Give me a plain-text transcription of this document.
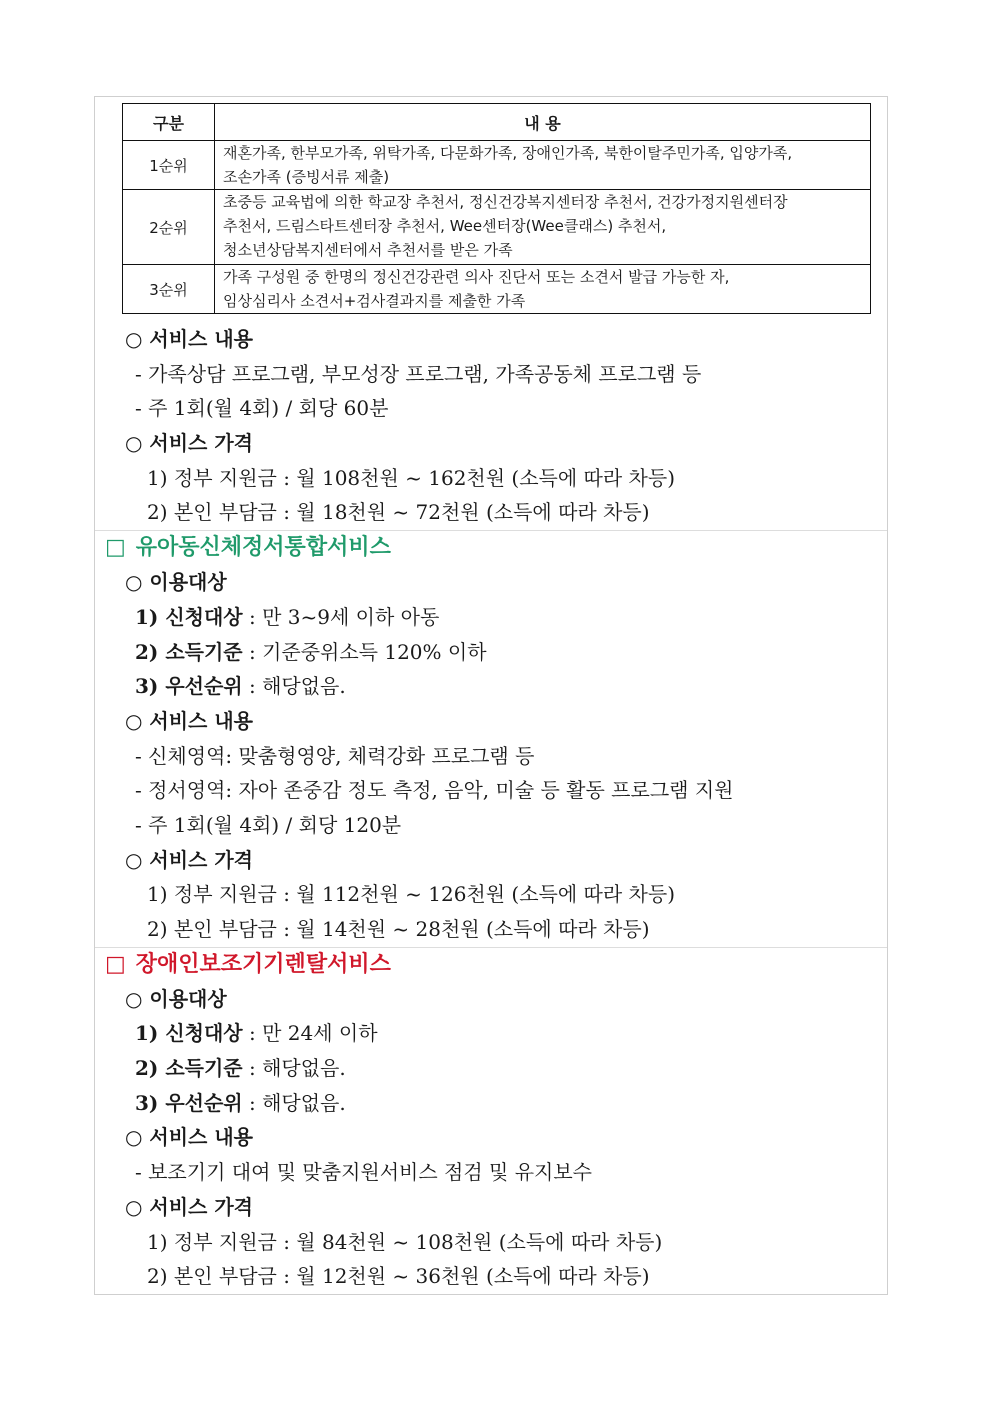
구분	내 용
1순위	재혼가족, 한부모가족, 위탁가족, 다문화가족, 장애인가족, 북한이탈주민가족, 입양가족,
조손가족 (증빙서류 제출)

2순위	초중등 교육법에 의한 학교장 추천서, 정신건강복지센터장 추천서, 건강가정지원센터장
추천서, 드림스타트센터장 추천서, Wee센터장(Wee클래스) 추천서,
청소년상담복지센터에서 추천서를 받은 가족

3순위	가족 구성원 중 한명의 정신건강관련 의사 진단서 또는 소견서 발급 가능한 자,
임상심리사 소견서+검사결과지를 제출한 가족
○ 서비스 내용
- 가족상담 프로그램, 부모성장 프로그램, 가족공동체 프로그램 등
- 주 1회(월 4회) / 회당 60분
○ 서비스 가격
1) 정부 지원금 : 월 108천원 ~ 162천원 (소득에 따라 차등)
2) 본인 부담금 : 월 18천원 ~ 72천원 (소득에 따라 차등)
□ 유아동신체정서통합서비스
○ 이용대상
1) 신청대상 : 만 3~9세 이하 아동
2) 소득기준 : 기준중위소득 120% 이하
3) 우선순위 : 해당없음.
○ 서비스 내용
- 신체영역: 맞춤형영양, 체력강화 프로그램 등
- 정서영역: 자아 존중감 정도 측정, 음악, 미술 등 활동 프로그램 지원
- 주 1회(월 4회) / 회당 120분
○ 서비스 가격
1) 정부 지원금 : 월 112천원 ~ 126천원 (소득에 따라 차등)
2) 본인 부담금 : 월 14천원 ~ 28천원 (소득에 따라 차등)
□ 장애인보조기기렌탈서비스
○ 이용대상
1) 신청대상 : 만 24세 이하
2) 소득기준 : 해당없음.
3) 우선순위 : 해당없음.
○ 서비스 내용
- 보조기기 대여 및 맞춤지원서비스 점검 및 유지보수
○ 서비스 가격
1) 정부 지원금 : 월 84천원 ~ 108천원 (소득에 따라 차등)
2) 본인 부담금 : 월 12천원 ~ 36천원 (소득에 따라 차등)
